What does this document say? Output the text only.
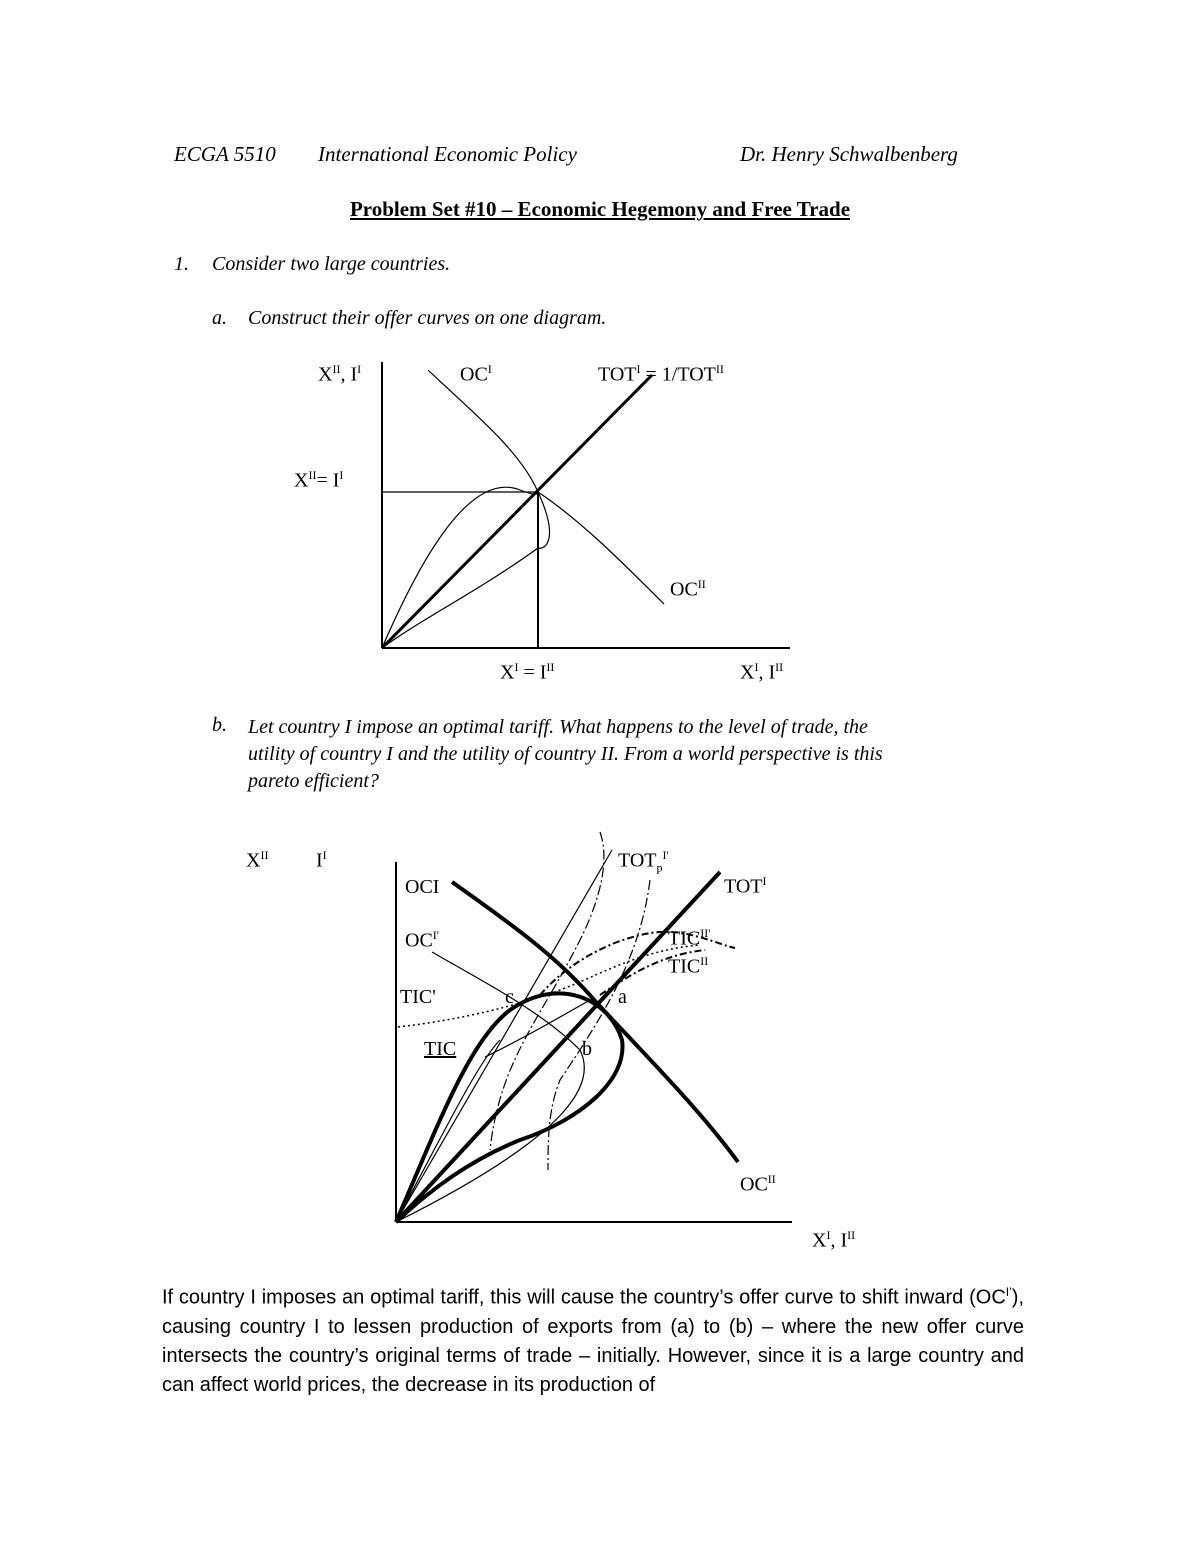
ECGA 5510 International Economic Policy	Dr. Henry Schwalbenberg
Problem Set #10 – Economic Hegemony and Free Trade
1. Consider two large countries.
a. Construct their offer curves on one diagram.
$X^{II}$, $I^I$	$OC^I$	$TOT^I = 1/TOT^{II}$
$X^{II}= I^I$
$OC^{II}$
$X^I = I^{II}$	$X^I$, $I^{II}$
b. Let country I impose an optimal tariff. What happens to the level of trade, the
utility of country I and the utility of country II. From a world perspective is this
pareto efficient?
$X^{II}$ $I^I$
OCI
$OC^{I'}$
TIC'
TIC
$TOT_p^{I'}$
$TOT^I$
$TIC^{II'}$
$TIC^{II}$
c	a
b
$OC^{II}$
$X^I$, $I^{II}$
If country I imposes an optimal tariff, this will cause the country’s offer curve to shift inward $(OC^{I’})$, causing country I to lessen production of exports from (a) to (b) – where the new offer curve intersects the country’s original terms of trade – initially. However, since it is a large country and can affect world prices, the decrease in its production of
